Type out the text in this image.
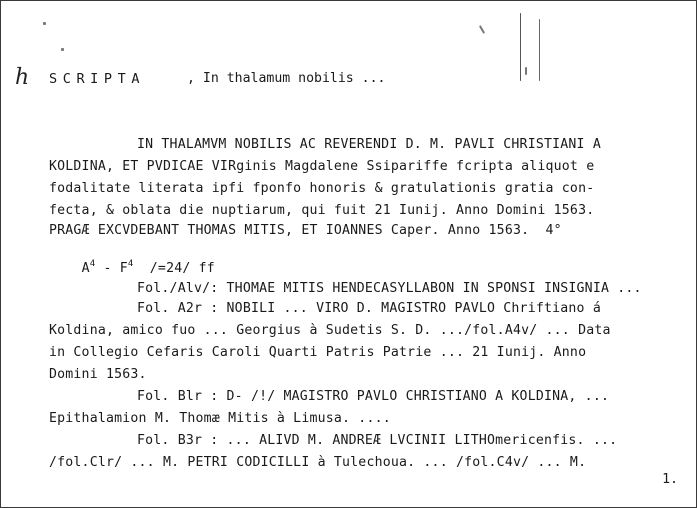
h SCRIPTA	, In thalamum nobilis ...
IN THALAMVM NOBILIS AC REVERENDI D. M. PAVLI CHRISTIANI A
KOLDINA, ET PVDICAE VIRginis Magdalene Ssipariffe fcripta aliquot e
fodalitate literata ipfi fponfo honoris & gratulationis gratia con-
fecta, & oblata die nuptiarum, qui fuit 21 Iunij. Anno Domini 1563.
PRAGÆ EXCVDEBANT THOMAS MITIS, ET IOANNES Caper. Anno 1563.  4°

$A^4 - F^4$  /=24/ ff

Fol./Alv/: THOMAE MITIS HENDECASYLLABON IN SPONSI INSIGNIA ...
Fol. A2r : NOBILI ... VIRO D. MAGISTRO PAVLO Chriftiano á
Koldina, amico fuo ... Georgius à Sudetis S. D. .../fol.A4v/ ... Data
in Collegio Cefaris Caroli Quarti Patris Patrie ... 21 Iunij. Anno
Domini 1563.
Fol. Blr : D- /!/ MAGISTRO PAVLO CHRISTIANO A KOLDINA, ...
Epithalamion M. Thomæ Mitis à Limusa. ....
Fol. B3r : ... ALIVD M. ANDREÆ LVCINII LITHOmericenfis. ...
/fol.Clr/ ... M. PETRI CODICILLI à Tulechoua. ... /fol.C4v/ ... M.
1.
